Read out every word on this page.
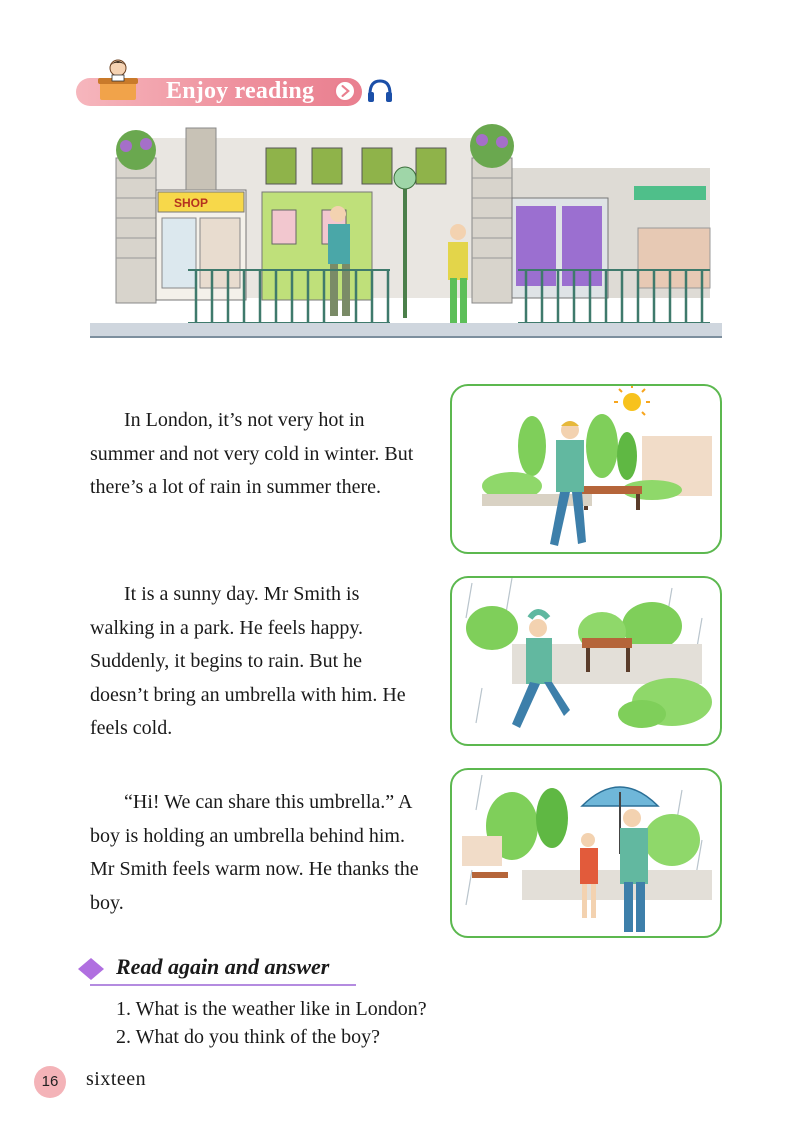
Enjoy reading
SHOP

In London, it’s not very hot in summer and not very cold in winter. But there’s a lot of rain in summer there.

It is a sunny day. Mr Smith is walking in a park. He feels happy. Suddenly, it begins to rain. But he doesn’t bring an umbrella with him. He feels cold.

“Hi! We can share this umbrella.” A boy is holding an umbrella behind him. Mr Smith feels warm now. He thanks the boy.

Read again and answer
1. What is the weather like in London?
2. What do you think of the boy?
16	sixteen
